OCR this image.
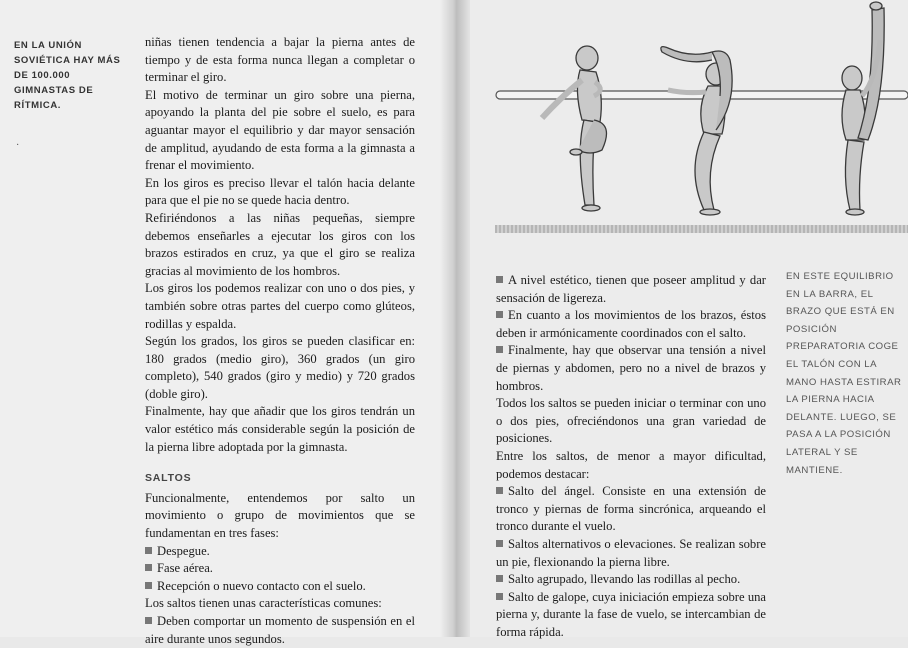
EN LA UNIÓN SOVIÉTICA HAY MÁS DE 100.000 GIMNASTAS DE RÍTMICA.
·

niñas tienen tendencia a bajar la pierna antes de tiempo y de esta forma nunca llegan a completar o terminar el giro.

El motivo de terminar un giro sobre una pierna, apoyando la planta del pie sobre el suelo, es para aguantar mayor el equilibrio y dar mayor sensación de amplitud, ayudando de esta forma a la gimnasta a frenar el movimiento.

En los giros es preciso llevar el talón hacia delante para que el pie no se quede hacia dentro.

Refiriéndonos a las niñas pequeñas, siempre debemos enseñarles a ejecutar los giros con los brazos estirados en cruz, ya que el giro se realiza gracias al movimiento de los hombros.

Los giros los podemos realizar con uno o dos pies, y también sobre otras partes del cuerpo como glúteos, rodillas y espalda.

Según los grados, los giros se pueden clasificar en: 180 grados (medio giro), 360 grados (un giro completo), 540 grados (giro y medio) y 720 grados (doble giro).

Finalmente, hay que añadir que los giros tendrán un valor estético más considerable según la posición de la pierna libre adoptada por la gimnasta.

SALTOS

Funcionalmente, entendemos por salto un movimiento o grupo de movimientos que se fundamentan en tres fases:

Despegue.

Fase aérea.

Recepción o nuevo contacto con el suelo.

Los saltos tienen unas características comunes:

Deben comportar un momento de suspensión en el aire durante unos segundos.

A nivel estético, tienen que poseer amplitud y dar sensación de ligereza.

En cuanto a los movimientos de los brazos, éstos deben ir armónicamente coordinados con el salto.

Finalmente, hay que observar una tensión a nivel de piernas y abdomen, pero no a nivel de brazos y hombros.

Todos los saltos se pueden iniciar o terminar con uno o dos pies, ofreciéndonos una gran variedad de posiciones.

Entre los saltos, de menor a mayor dificultad, podemos destacar:

Salto del ángel. Consiste en una extensión de tronco y piernas de forma sincrónica, arqueando el tronco durante el vuelo.

Saltos alternativos o elevaciones. Se realizan sobre un pie, flexionando la pierna libre.

Salto agrupado, llevando las rodillas al pecho.

Salto de galope, cuya iniciación empieza sobre una pierna y, durante la fase de vuelo, se intercambian de forma rápida.

EN ESTE EQUILIBRIO EN LA BARRA, EL BRAZO QUE ESTÁ EN POSICIÓN PREPARATORIA COGE EL TALÓN CON LA MANO HASTA ESTIRAR LA PIERNA HACIA DELANTE. LUEGO, SE PASA A LA POSICIÓN LATERAL Y SE MANTIENE.
